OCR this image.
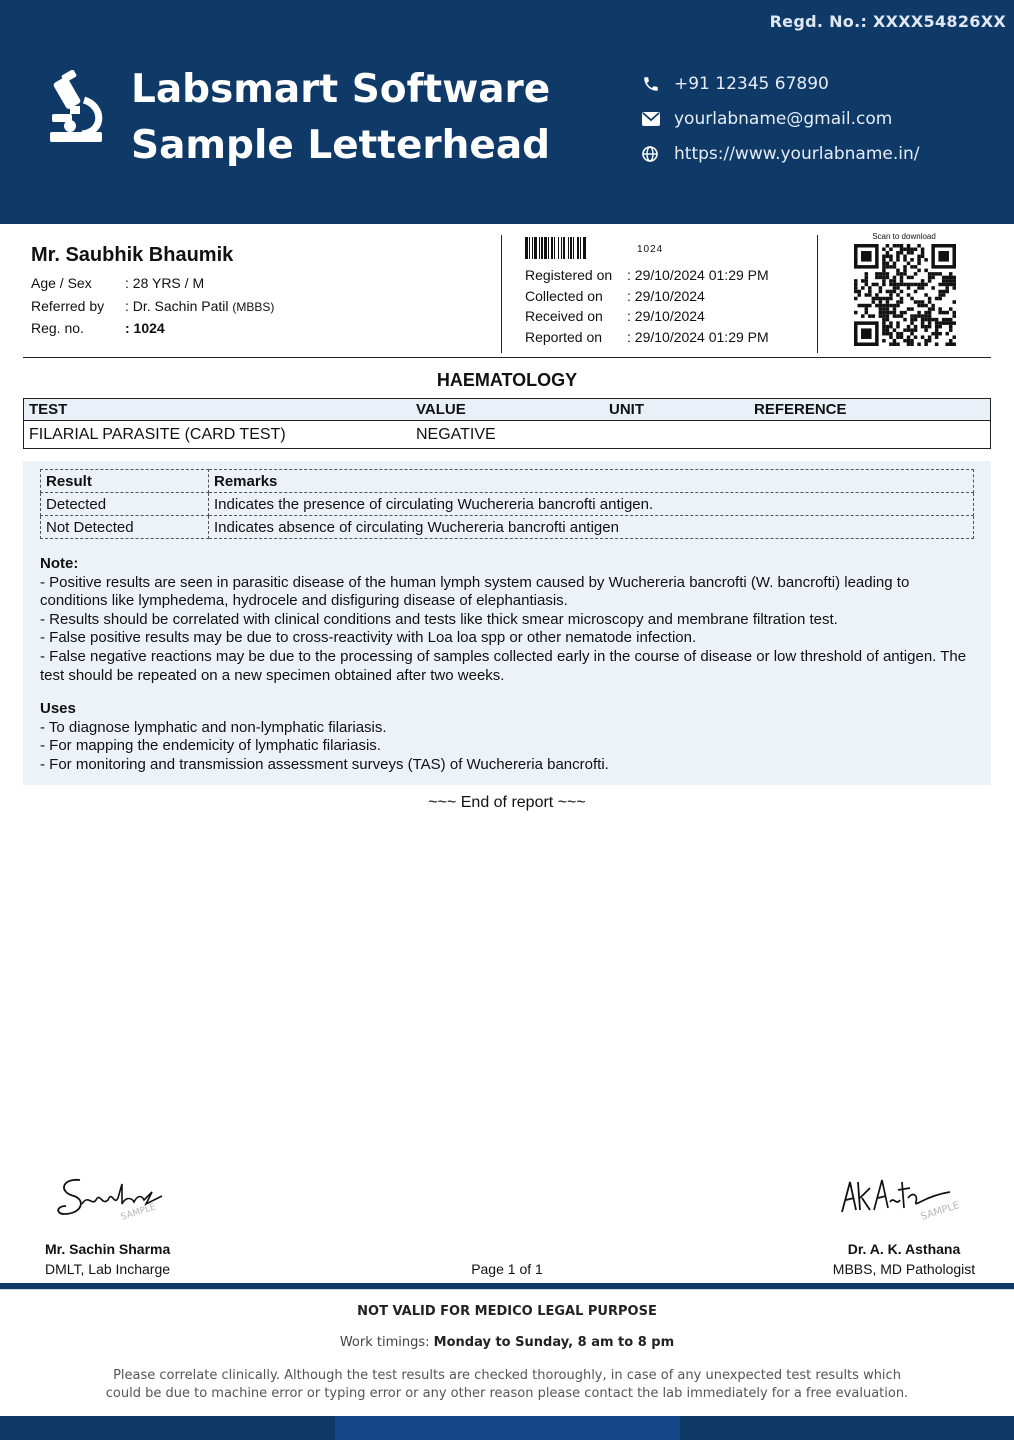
Regd. No.: XXXX54826XX
Labsmart Software
Sample Letterhead
+91 12345 67890
yourlabname@gmail.com
https://www.yourlabname.in/
Mr. Saubhik Bhaumik
Age / Sex	: 28 YRS / M
Referred by	: Dr. Sachin Patil (MBBS)
Reg. no.	: 1024
1024
Registered on	: 29/10/2024 01:29 PM
Collected on	: 29/10/2024
Received on	: 29/10/2024
Reported on	: 29/10/2024 01:29 PM
Scan to download
HAEMATOLOGY
TEST	VALUE	UNIT	REFERENCE
FILARIAL PARASITE (CARD TEST)	NEGATIVE
Result	Remarks
Detected	Indicates the presence of circulating Wuchereria bancrofti antigen.
Not Detected	Indicates absence of circulating Wuchereria bancrofti antigen
Note:
- Positive results are seen in parasitic disease of the human lymph system caused by Wuchereria bancrofti (W. bancrofti) leading to conditions like lymphedema, hydrocele and disfiguring disease of elephantiasis.
- Results should be correlated with clinical conditions and tests like thick smear microscopy and membrane filtration test.
- False positive results may be due to cross-reactivity with Loa loa spp or other nematode infection.
- False negative reactions may be due to the processing of samples collected early in the course of disease or low threshold of antigen. The test should be repeated on a new specimen obtained after two weeks.
Uses
- To diagnose lymphatic and non-lymphatic filariasis.
- For mapping the endemicity of lymphatic filariasis.
- For monitoring and transmission assessment surveys (TAS) of Wuchereria bancrofti.
~~~ End of report ~~~
SAMPLE
Mr. Sachin Sharma
DMLT, Lab Incharge
SAMPLE
Dr. A. K. Asthana
MBBS, MD Pathologist
Page 1 of 1
NOT VALID FOR MEDICO LEGAL PURPOSE
Work timings: Monday to Sunday, 8 am to 8 pm
Please correlate clinically. Although the test results are checked thoroughly, in case of any unexpected test results which
could be due to machine error or typing error or any other reason please contact the lab immediately for a free evaluation.
